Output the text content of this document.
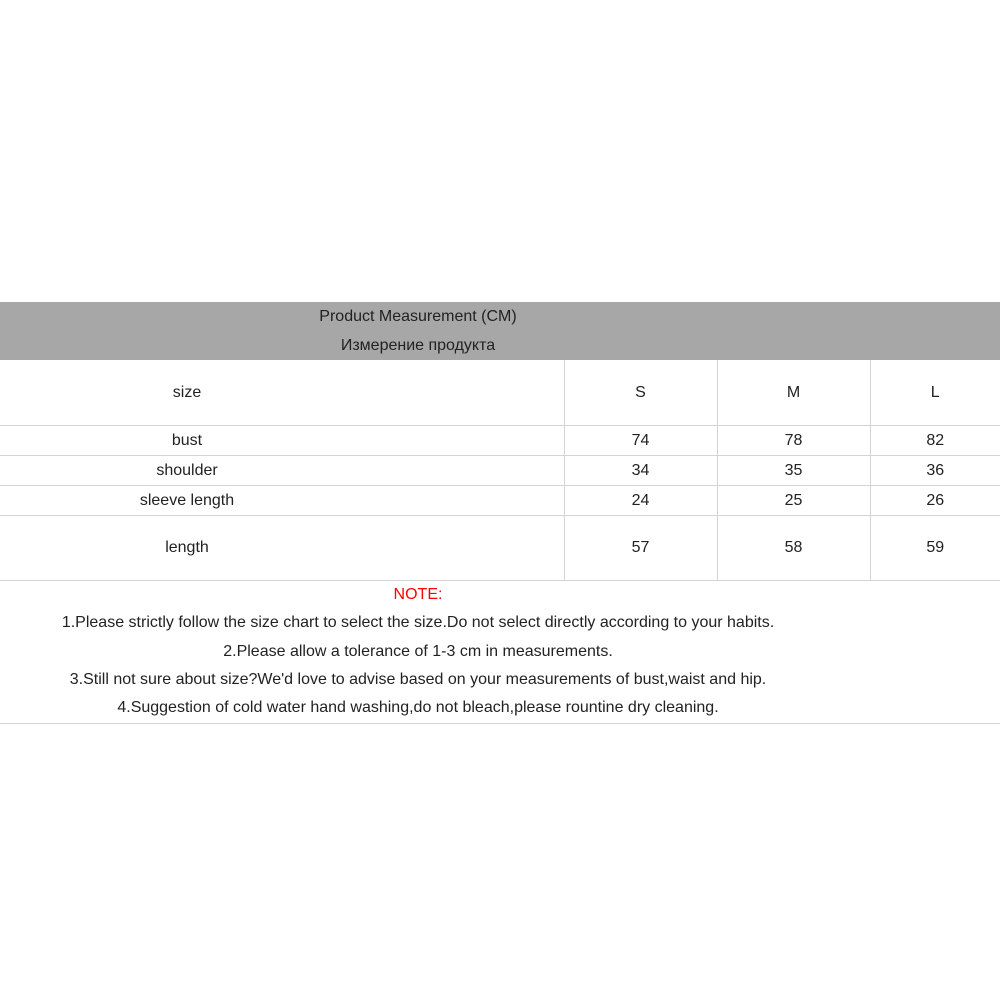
Product Measurement (CM)
Измерение продукта
size	S	M	L

bust	74	78	82

shoulder	34	35	36

sleeve length	24	25	26

length	57	58	59
NOTE:
1.Please strictly follow the size chart to select the size.Do not select directly according to your habits.
2.Please allow a tolerance of 1-3 cm in measurements.
3.Still not sure about size?We'd love to advise based on your measurements of bust,waist and hip.
4.Suggestion of cold water hand washing,do not bleach,please rountine dry cleaning.
